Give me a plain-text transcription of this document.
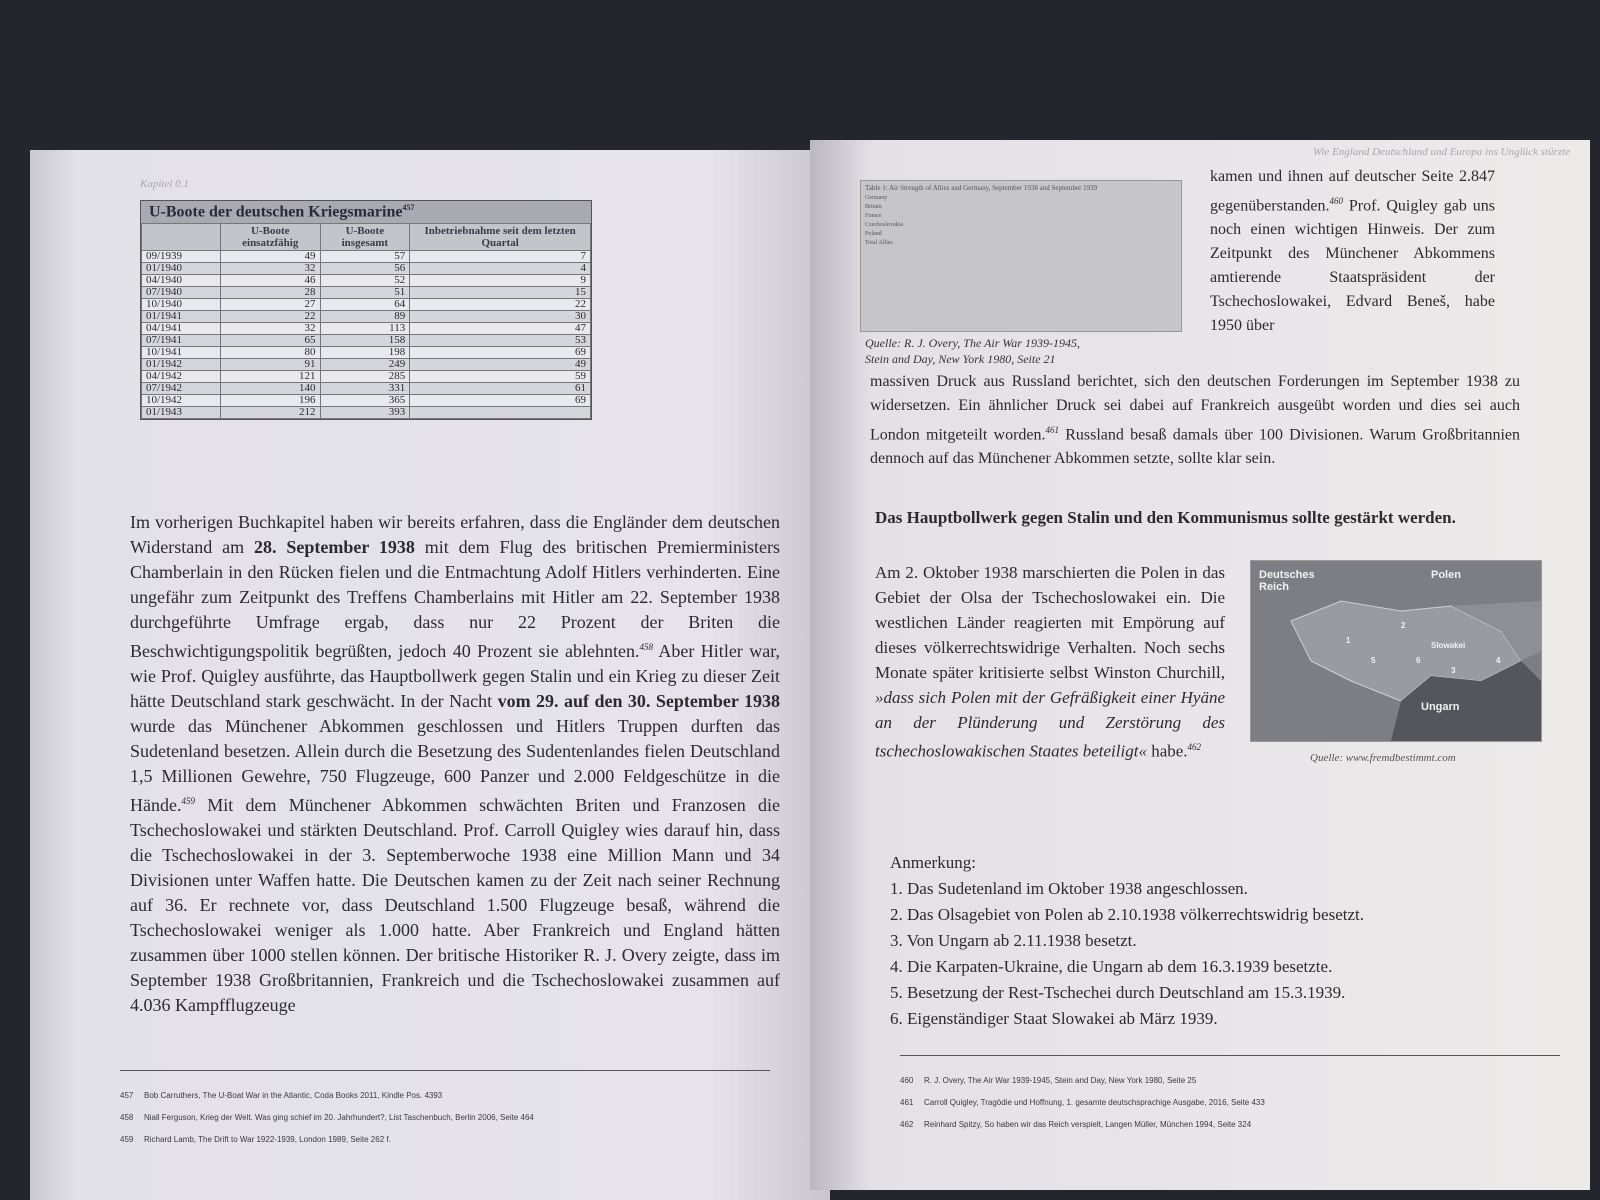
Kapitel 0.1
U-Boote der deutschen Kriegsmarine$^{457}$
	U-Boote einsatzfähig	U-Boote insgesamt	Inbetriebnahme seit dem letzten Quartal
09/1939	49	57	7
01/1940	32	56	4
04/1940	46	52	9
07/1940	28	51	15
10/1940	27	64	22
01/1941	22	89	30
04/1941	32	113	47
07/1941	65	158	53
10/1941	80	198	69
01/1942	91	249	49
04/1942	121	285	59
07/1942	140	331	61
10/1942	196	365	69
01/1943	212	393	

Im vorherigen Buchkapitel haben wir bereits erfahren, dass die Engländer dem deutschen Widerstand am 28. September 1938 mit dem Flug des britischen Premierministers Chamberlain in den Rücken fielen und die Entmachtung Adolf Hitlers verhinderten. Eine ungefähr zum Zeitpunkt des Treffens Chamberlains mit Hitler am 22. September 1938 durchgeführte Umfrage ergab, dass nur 22 Prozent der Briten die Beschwichtigungspolitik begrüßten, jedoch 40 Prozent sie ablehnten.$^{458}$ Aber Hitler war, wie Prof. Quigley ausführte, das Hauptbollwerk gegen Stalin und ein Krieg zu dieser Zeit hätte Deutschland stark geschwächt. In der Nacht vom 29. auf den 30. September 1938 wurde das Münchener Abkommen geschlossen und Hitlers Truppen durften das Sudetenland besetzen. Allein durch die Besetzung des Sudentenlandes fielen Deutschland 1,5 Millionen Gewehre, 750 Flugzeuge, 600 Panzer und 2.000 Feldgeschütze in die Hände.$^{459}$ Mit dem Münchener Abkommen schwächten Briten und Franzosen die Tschechoslowakei und stärkten Deutschland. Prof. Carroll Quigley wies darauf hin, dass die Tschechoslowakei in der 3. Septemberwoche 1938 eine Million Mann und 34 Divisionen unter Waffen hatte. Die Deutschen kamen zu der Zeit nach seiner Rechnung auf 36. Er rechnete vor, dass Deutschland 1.500 Flugzeuge besaß, während die Tschechoslowakei weniger als 1.000 hatte. Aber Frankreich und England hätten zusammen über 1000 stellen können. Der britische Historiker R. J. Overy zeigte, dass im September 1938 Großbritannien, Frankreich und die Tschechoslowakei zusammen auf 4.036 Kampfflugzeuge

457 Bob Carruthers, The U-Boat War in the Atlantic, Coda Books 2011, Kindle Pos. 4393
458 Niall Ferguson, Krieg der Welt. Was ging schief im 20. Jahrhundert?, List Taschenbuch, Berlin 2006, Seite 464
459 Richard Lamb, The Drift to War 1922-1939, London 1989, Seite 262 f.
Wie England Deutschland und Europa ins Unglück stürzte
Table 1: Air Strength of Allies and Germany, September 1938 and September 1939
Germany
Britain
France
Czechoslovakia
Poland
Total Allies
Quelle: R. J. Overy, The Air War 1939-1945,
Stein and Day, New York 1980, Seite 21
kamen und ihnen auf deutscher Seite 2.847 gegenüberstanden.$^{460}$ Prof. Quigley gab uns noch einen wichtigen Hinweis. Der zum Zeitpunkt des Münchener Abkommens amtierende Staatspräsident der Tschechoslowakei, Edvard Beneš, habe 1950 über
massiven Druck aus Russland berichtet, sich den deutschen Forderungen im September 1938 zu widersetzen. Ein ähnlicher Druck sei dabei auf Frankreich ausgeübt worden und dies sei auch London mitgeteilt worden.$^{461}$ Russland besaß damals über 100 Divisionen. Warum Großbritannien dennoch auf das Münchener Abkommen setzte, sollte klar sein.
Das Hauptbollwerk gegen Stalin und den Kommunismus sollte gestärkt werden.

Am 2. Oktober 1938 marschierten die Polen in das Gebiet der Olsa der Tschechoslowakei ein. Die westlichen Länder reagierten mit Empörung auf dieses völkerrechtswidrige Verhalten. Noch sechs Monate später kritisierte selbst Winston Churchill, »dass sich Polen mit der Gefräßigkeit einer Hyäne an der Plünderung und Zerstörung des tschechoslowakischen Staates beteiligt« habe.$^{462}$

Deutsches Reich
Polen
Ungarn
Slowakei
1
2
3
4
5	6
Quelle: www.fremdbestimmt.com
Anmerkung:
1. Das Sudetenland im Oktober 1938 angeschlossen.
2. Das Olsagebiet von Polen ab 2.10.1938 völkerrechtswidrig besetzt.
3. Von Ungarn ab 2.11.1938 besetzt.
4. Die Karpaten-Ukraine, die Ungarn ab dem 16.3.1939 besetzte.
5. Besetzung der Rest-Tschechei durch Deutschland am 15.3.1939.
6. Eigenständiger Staat Slowakei ab März 1939.
460 R. J. Overy, The Air War 1939-1945, Stein and Day, New York 1980, Seite 25
461 Carroll Quigley, Tragödie und Hoffnung, 1. gesamte deutschsprachige Ausgabe, 2016, Seite 433
462 Reinhard Spitzy, So haben wir das Reich verspielt, Langen Müller, München 1994, Seite 324
